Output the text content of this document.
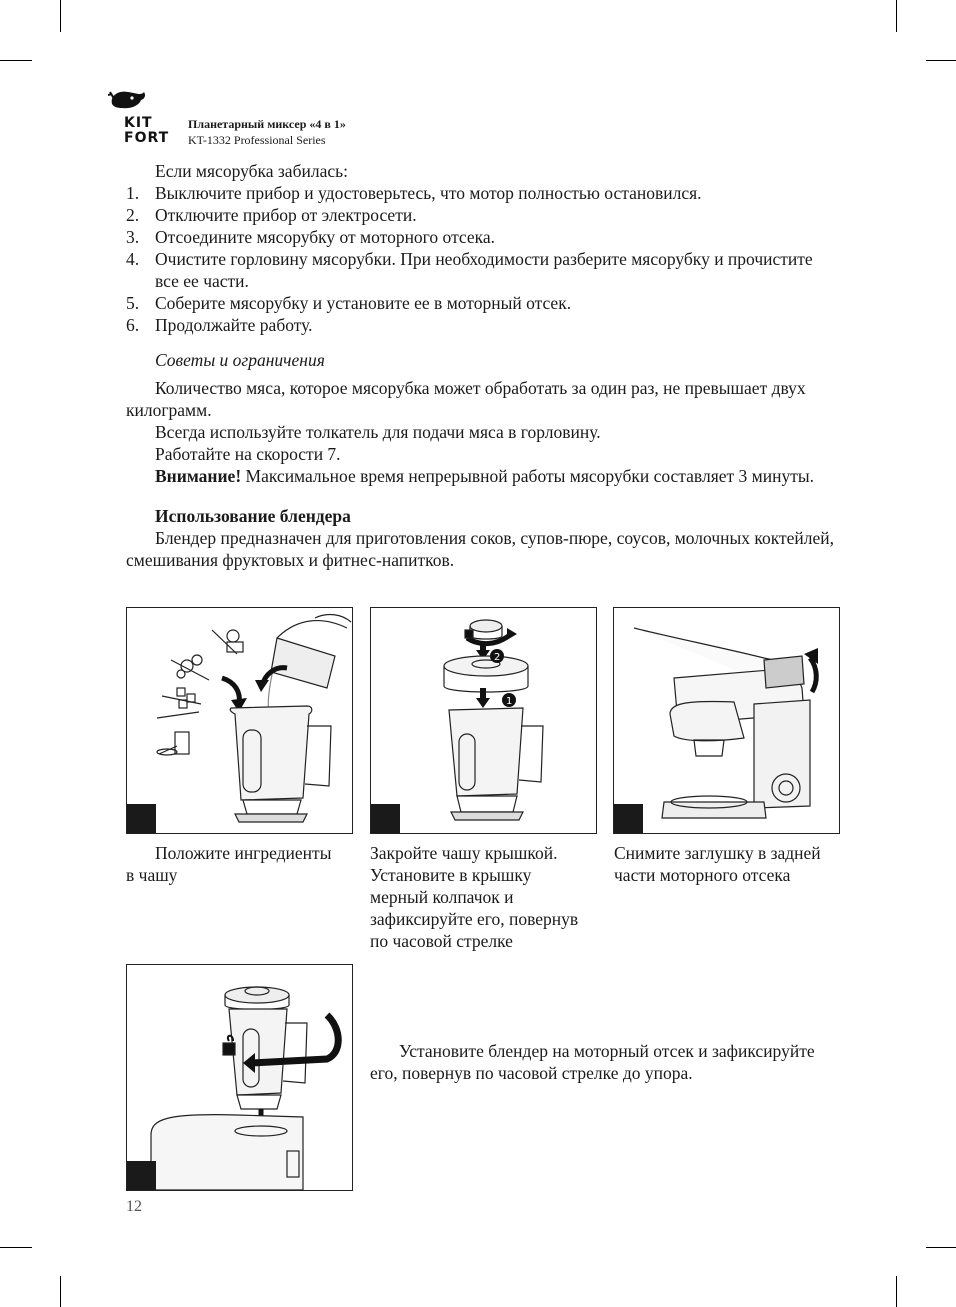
KIT
FORT
Планетарный миксер «4 в 1»
KT-1332 Professional Series

Если мясорубка забилась:

1. Выключите прибор и удостоверьтесь, что мотор полностью остановился.
2. Отключите прибор от электросети.
3. Отсоедините мясорубку от моторного отсека.
4. Очистите горловину мясорубки. При необходимости разберите мясорубку и прочистите все ее части.
5. Соберите мясорубку и установите ее в моторный отсек.
6. Продолжайте работу.

Советы и ограничения

Количество мяса, которое мясорубка может обработать за один раз, не превышает двух килограмм.

Всегда используйте толкатель для подачи мяса в горловину.

Работайте на скорости 7.

Внимание! Максимальное время непрерывной работы мясорубки составляет 3 минуты.

Использование блендера

Блендер предназначен для приготовления соков, супов-пюре, соусов, молочных коктейлей, смешивания фруктовых и фитнес-напитков.

1
2
Положите ингредиенты в чашу
Закройте чашу крышкой. Установите в крышку мерный колпачок и зафиксируйте его, повернув по часовой стрелке
Снимите заглушку в задней части моторного отсека
Установите блендер на моторный отсек и зафиксируйте его, повернув по часовой стрелке до упора.
12
